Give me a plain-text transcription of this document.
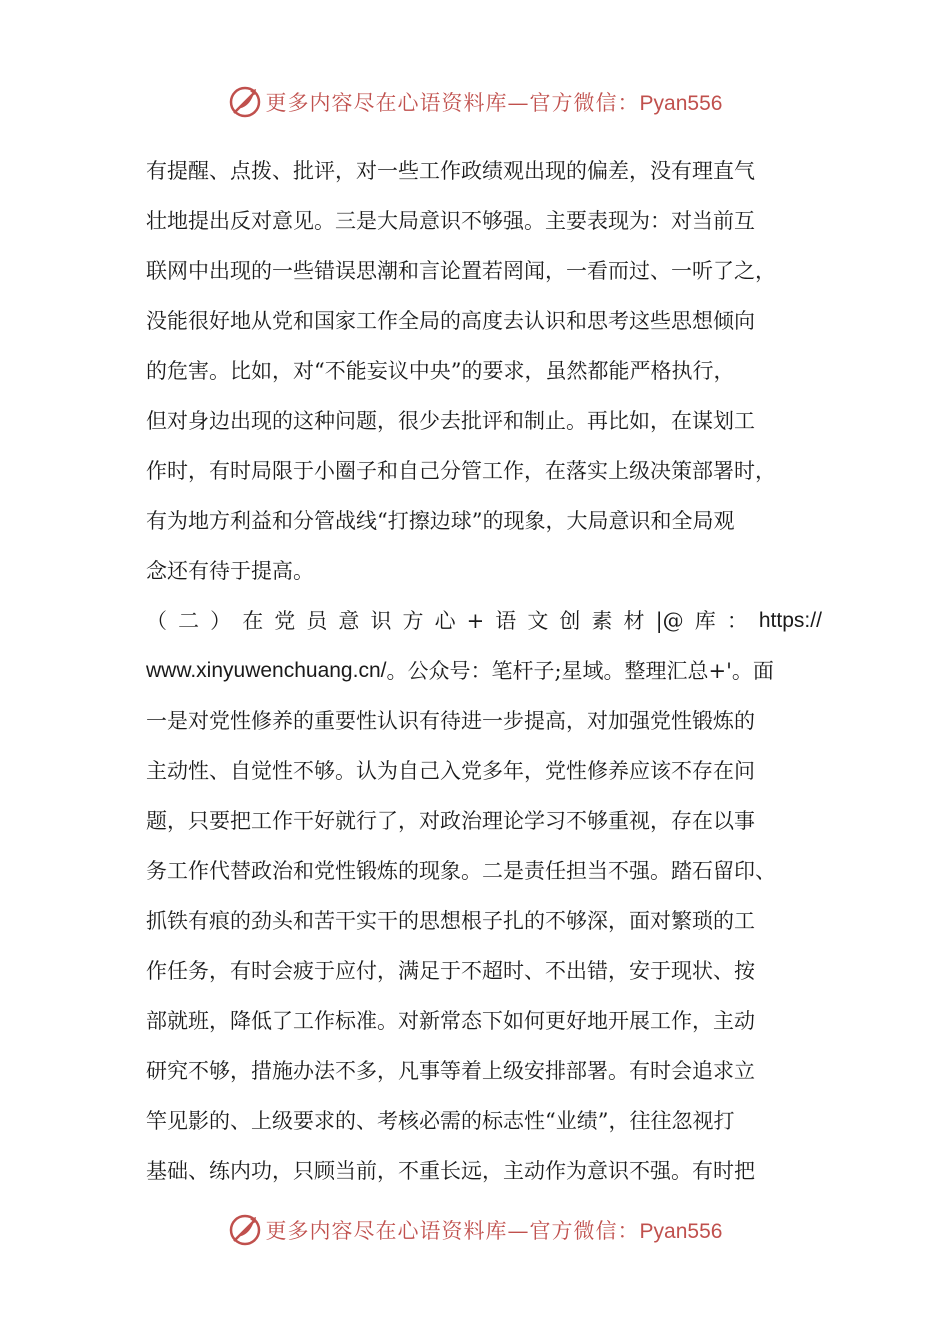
更多内容尽在心语资料库—官方微信：Pyan556
有提醒、点拨、批评，对一些工作政绩观出现的偏差，没有理直气
壮地提出反对意见。三是大局意识不够强。主要表现为：对当前互
联网中出现的一些错误思潮和言论置若罔闻，一看而过、一听了之，
没能很好地从党和国家工作全局的高度去认识和思考这些思想倾向
的危害。比如，对“不能妄议中央”的要求，虽然都能严格执行，
但对身边出现的这种问题，很少去批评和制止。再比如，在谋划工
作时，有时局限于小圈子和自己分管工作，在落实上级决策部署时，
有为地方利益和分管战线“打擦边球”的现象，大局意识和全局观
念还有待于提高。
（ 二 ） 在 党 员 意 识 方 心 + 语 文 创 素 材 |@ 库 ： https://
www.xinyuwenchuang.cn/ 。公众号：笔杆子;星域。整理汇总+'。面
一是对党性修养的重要性认识有待进一步提高，对加强党性锻炼的
主动性、自觉性不够。认为自己入党多年，党性修养应该不存在问
题，只要把工作干好就行了，对政治理论学习不够重视，存在以事
务工作代替政治和党性锻炼的现象。二是责任担当不强。踏石留印、
抓铁有痕的劲头和苦干实干的思想根子扎的不够深，面对繁琐的工
作任务，有时会疲于应付，满足于不超时、不出错，安于现状、按
部就班，降低了工作标准。对新常态下如何更好地开展工作，主动
研究不够，措施办法不多，凡事等着上级安排部署。有时会追求立
竿见影的、上级要求的、考核必需的标志性“业绩”，往往忽视打
基础、练内功，只顾当前，不重长远，主动作为意识不强。有时把
更多内容尽在心语资料库—官方微信：Pyan556
